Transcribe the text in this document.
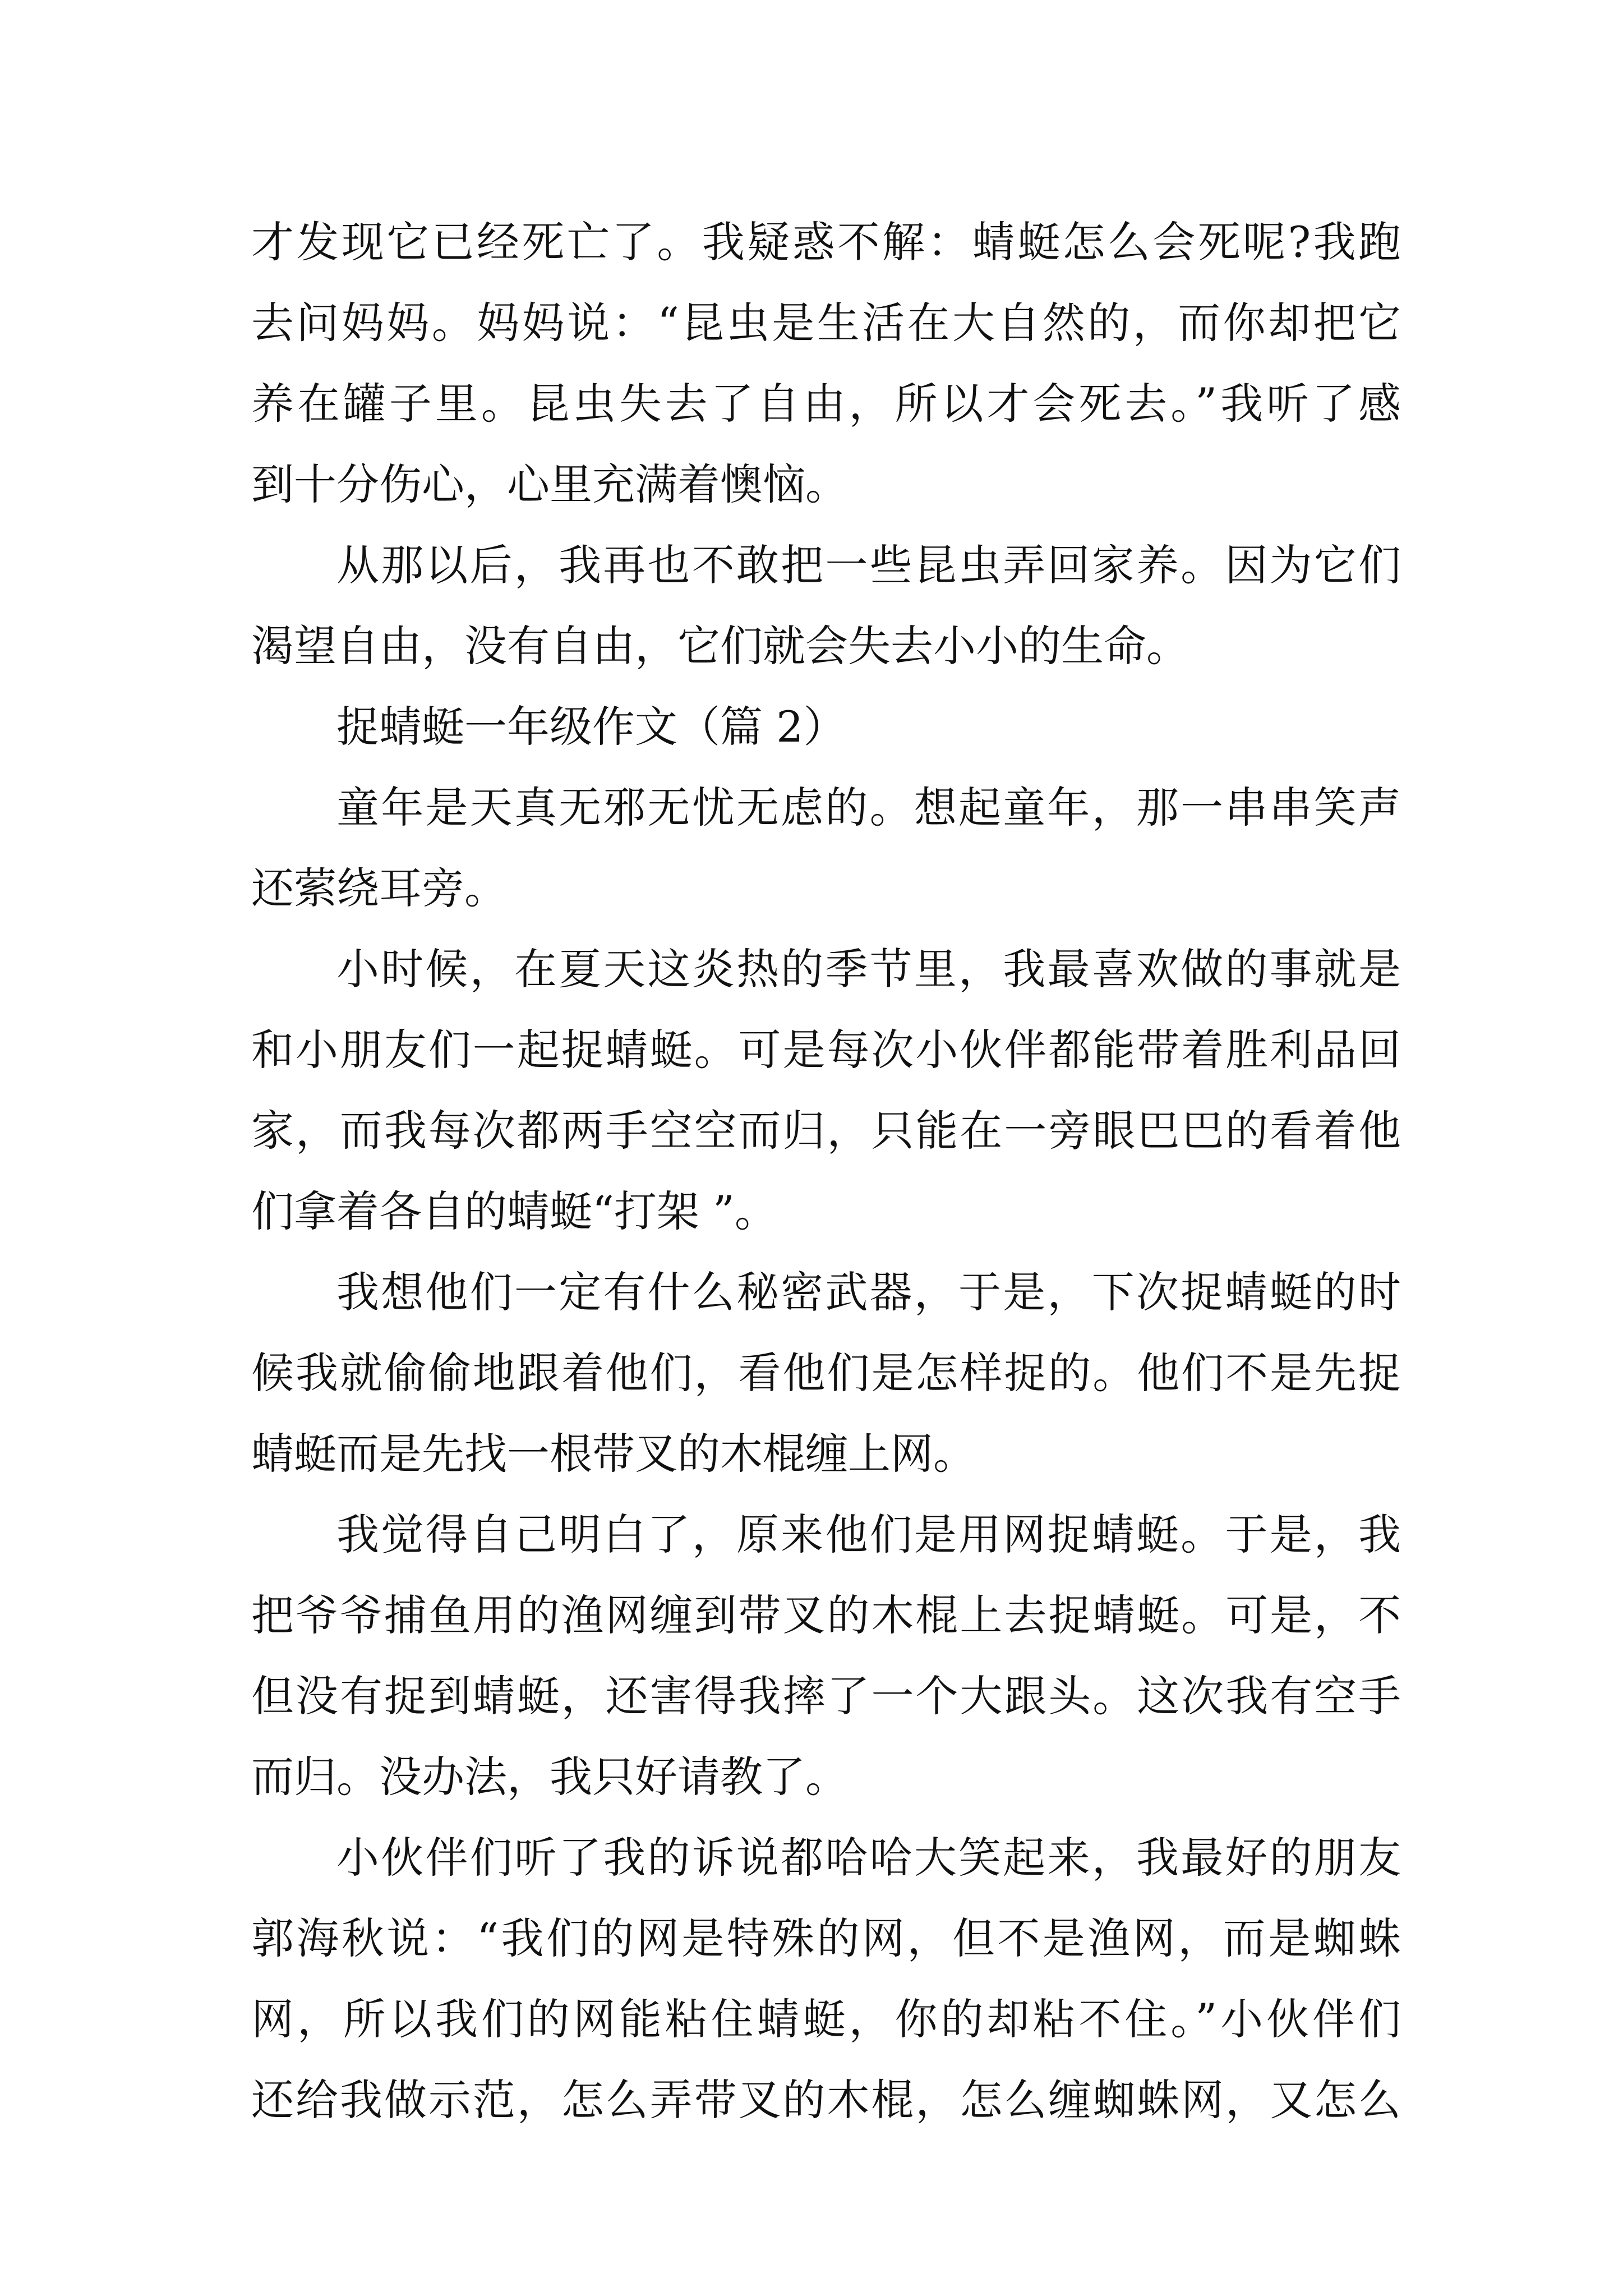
才发现它已经死亡了。我疑惑不解：蜻蜓怎么会死呢?我跑
去问妈妈。妈妈说：“昆虫是生活在大自然的，而你却把它
养在罐子里。昆虫失去了自由，所以才会死去。”我听了感
到十分伤心，心里充满着懊恼。
从那以后，我再也不敢把一些昆虫弄回家养。因为它们
渴望自由，没有自由，它们就会失去小小的生命。
捉蜻蜓一年级作文（篇 2）
童年是天真无邪无忧无虑的。想起童年，那一串串笑声
还萦绕耳旁。
小时候，在夏天这炎热的季节里，我最喜欢做的事就是
和小朋友们一起捉蜻蜓。可是每次小伙伴都能带着胜利品回
家，而我每次都两手空空而归，只能在一旁眼巴巴的看着他
们拿着各自的蜻蜓“打架 ”。
我想他们一定有什么秘密武器，于是，下次捉蜻蜓的时
候我就偷偷地跟着他们，看他们是怎样捉的。他们不是先捉
蜻蜓而是先找一根带叉的木棍缠上网。
我觉得自己明白了，原来他们是用网捉蜻蜓。于是，我
把爷爷捕鱼用的渔网缠到带叉的木棍上去捉蜻蜓。可是，不
但没有捉到蜻蜓，还害得我摔了一个大跟头。这次我有空手
而归。没办法，我只好请教了。
小伙伴们听了我的诉说都哈哈大笑起来，我最好的朋友
郭海秋说：“我们的网是特殊的网，但不是渔网，而是蜘蛛
网，所以我们的网能粘住蜻蜓，你的却粘不住。”小伙伴们
还给我做示范，怎么弄带叉的木棍，怎么缠蜘蛛网，又怎么
